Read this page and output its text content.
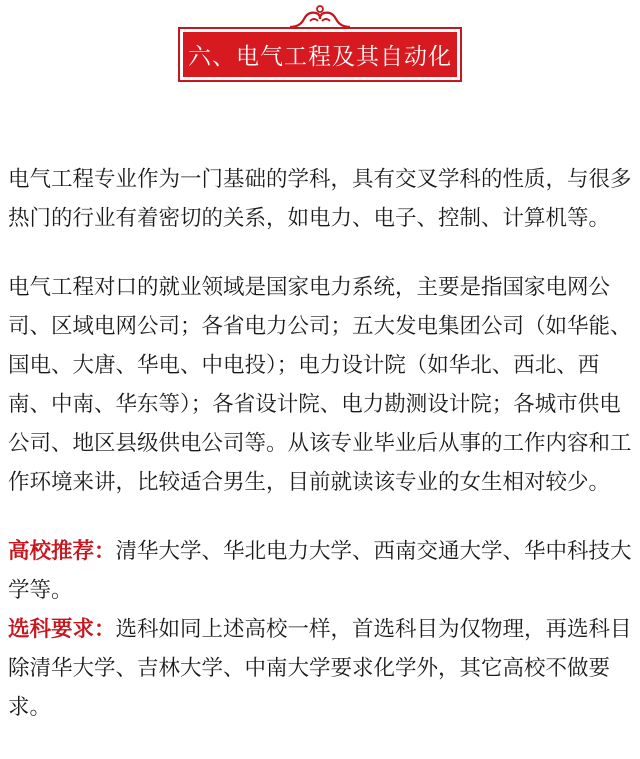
六、电气工程及其自动化

电气工程专业作为一门基础的学科，具有交叉学科的性质，与很多热门的行业有着密切的关系，如电力、电子、控制、计算机等。

电气工程对口的就业领域是国家电力系统，主要是指国家电网公司、区域电网公司；各省电力公司；五大发电集团公司（如华能、国电、大唐、华电、中电投）；电力设计院（如华北、西北、西南、中南、华东等）；各省设计院、电力勘测设计院；各城市供电公司、地区县级供电公司等。从该专业毕业后从事的工作内容和工作环境来讲，比较适合男生，目前就读该专业的女生相对较少。

高校推荐：清华大学、华北电力大学、西南交通大学、华中科技大学等。

选科要求：选科如同上述高校一样，首选科目为仅物理，再选科目除清华大学、吉林大学、中南大学要求化学外，其它高校不做要求。
